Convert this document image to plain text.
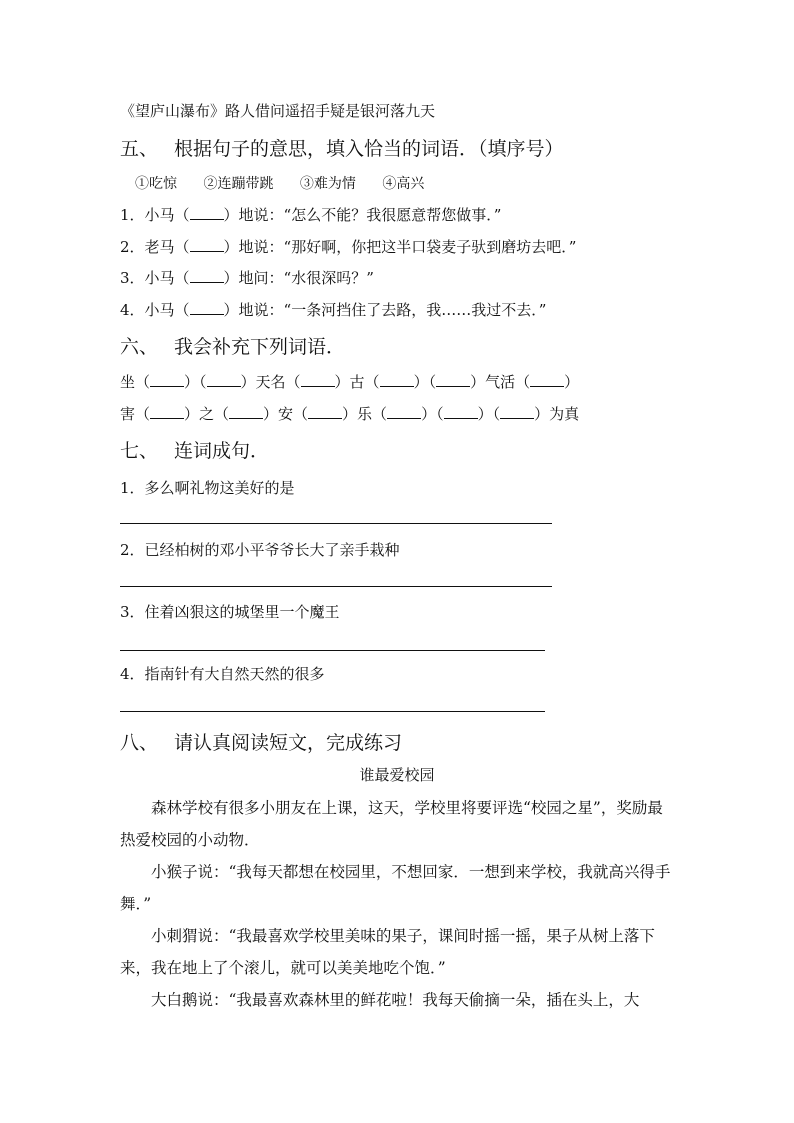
《望庐山瀑布》路人借问遥招手疑是银河落九天
五、 根据句子的意思，填入恰当的词语．（填序号）
①吃惊 ②连蹦带跳 ③难为情 ④高兴
1．小马（ ）地说：“怎么不能？我很愿意帮您做事．”
2．老马（ ）地说：“那好啊，你把这半口袋麦子驮到磨坊去吧．”
3．小马（ ）地问：“水很深吗？”
4．小马（ ）地说：“一条河挡住了去路，我……我过不去．”
六、 我会补充下列词语．
坐（ ）（ ）天名（ ）古（ ）（ ）气活（ ）
害（ ）之（ ）安（ ）乐（ ）（ ）（ ）为真
七、 连词成句．
1．多么啊礼物这美好的是
2．已经柏树的邓小平爷爷长大了亲手栽种
3．住着凶狠这的城堡里一个魔王
4．指南针有大自然天然的很多
八、 请认真阅读短文，完成练习
谁最爱校园

森林学校有很多小朋友在上课，这天，学校里将要评选“校园之星”，奖励最热爱校园的小动物．

小猴子说：“我每天都想在校园里，不想回家．一想到来学校，我就高兴得手舞．”

小刺猬说：“我最喜欢学校里美味的果子，课间时摇一摇，果子从树上落下来，我在地上了个滚儿，就可以美美地吃个饱．”

大白鹅说：“我最喜欢森林里的鲜花啦！我每天偷摘一朵，插在头上，大
